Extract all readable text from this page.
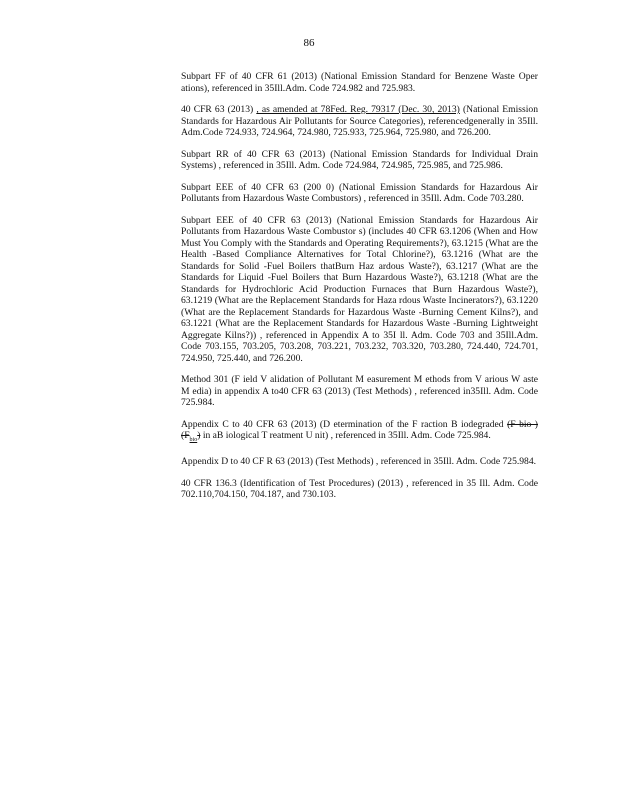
86

Subpart FF of 40 CFR 61 (2013) (National Emission Standard for Benzene Waste Oper ations), referenced in 35Ill.Adm. Code 724.982 and 725.983.

40 CFR 63 (2013) , as amended at 78Fed. Reg. 79317 (Dec. 30, 2013) (National Emission Standards for Hazardous Air Pollutants for Source Categories), referencedgenerally in 35Ill. Adm.Code 724.933, 724.964, 724.980, 725.933, 725.964, 725.980, and 726.200.

Subpart RR of 40 CFR 63 (2013) (National Emission Standards for Individual Drain Systems) , referenced in 35Ill. Adm. Code 724.984, 724.985, 725.985, and 725.986.

Subpart EEE of 40 CFR 63 (200 0) (National Emission Standards for Hazardous Air Pollutants from Hazardous Waste Combustors) , referenced in 35Ill. Adm. Code 703.280.

Subpart EEE of 40 CFR 63 (2013) (National Emission Standards for Hazardous Air Pollutants from Hazardous Waste Combustor s) (includes 40 CFR 63.1206 (When and How Must You Comply with the Standards and Operating Requirements?), 63.1215 (What are the Health -Based Compliance Alternatives for Total Chlorine?), 63.1216 (What are the Standards for Solid -Fuel Boilers thatBurn Haz ardous Waste?), 63.1217 (What are the Standards for Liquid -Fuel Boilers that Burn Hazardous Waste?), 63.1218 (What are the Standards for Hydrochloric Acid Production Furnaces that Burn Hazardous Waste?), 63.1219 (What are the Replacement Standards for Haza rdous Waste Incinerators?), 63.1220 (What are the Replacement Standards for Hazardous Waste -Burning Cement Kilns?), and 63.1221 (What are the Replacement Standards for Hazardous Waste -Burning Lightweight Aggregate Kilns?)) , referenced in Appendix A to 35I ll. Adm. Code 703 and 35Ill.Adm. Code 703.155, 703.205, 703.208, 703.221, 703.232, 703.320, 703.280, 724.440, 724.701, 724.950, 725.440, and 726.200.

Method 301 (F ield V alidation of Pollutant M easurement M ethods from V arious W aste M edia) in appendix A to40 CFR 63 (2013) (Test Methods) , referenced in35Ill. Adm. Code 725.984.

Appendix C to 40 CFR 63 (2013) (D etermination of the F raction B iodegraded (F bio )$(F_{bio})$ in aB iological T reatment U nit) , referenced in 35Ill. Adm. Code 725.984.

Appendix D to 40 CF R 63 (2013) (Test Methods) , referenced in 35Ill. Adm. Code 725.984.

40 CFR 136.3 (Identification of Test Procedures) (2013) , referenced in 35 Ill. Adm. Code 702.110,704.150, 704.187, and 730.103.
